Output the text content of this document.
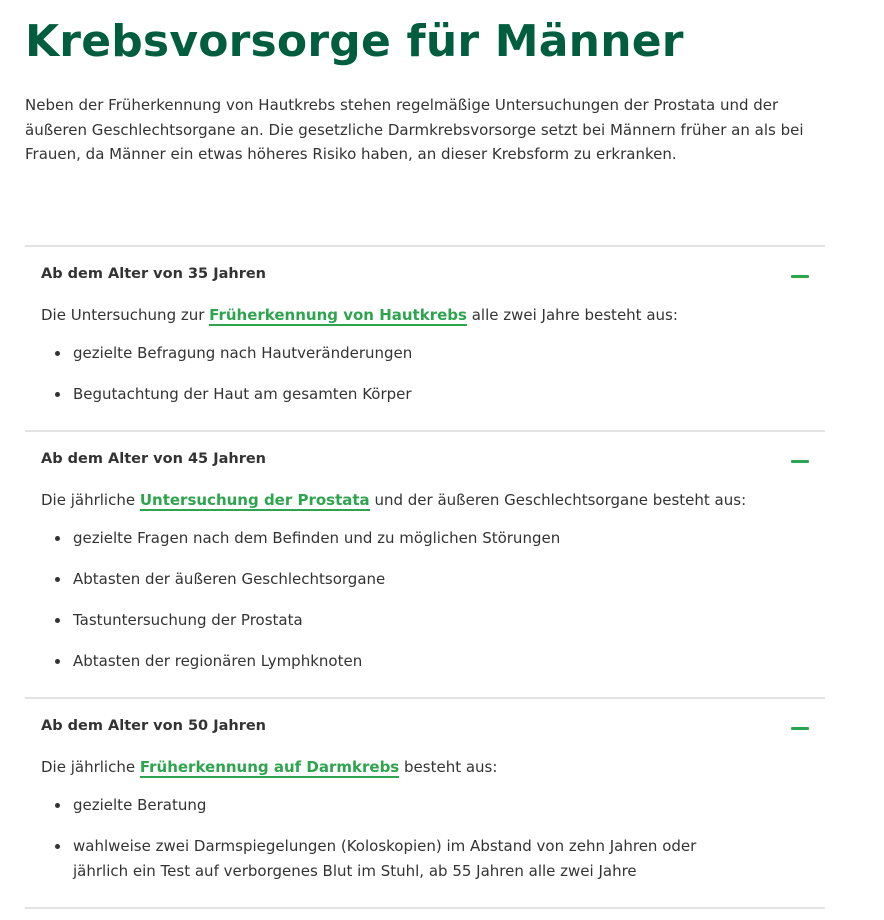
Krebsvorsorge für Männer

Neben der Früherkennung von Hautkrebs stehen regelmäßige Untersuchungen der Prostata und der äußeren Geschlechtsorgane an. Die gesetzliche Darmkrebsvorsorge setzt bei Männern früher an als bei Frauen, da Männer ein etwas höheres Risiko haben, an dieser Krebsform zu erkranken.

Ab dem Alter von 35 Jahren

Die Untersuchung zur Früherkennung von Hautkrebs alle zwei Jahre besteht aus:

gezielte Befragung nach Hautveränderungen
Begutachtung der Haut am gesamten Körper
Ab dem Alter von 45 Jahren

Die jährliche Untersuchung der Prostata und der äußeren Geschlechtsorgane besteht aus:

gezielte Fragen nach dem Befinden und zu möglichen Störungen
Abtasten der äußeren Geschlechtsorgane
Tastuntersuchung der Prostata
Abtasten der regionären Lymphknoten
Ab dem Alter von 50 Jahren

Die jährliche Früherkennung auf Darmkrebs besteht aus:

gezielte Beratung
wahlweise zwei Darmspiegelungen (Koloskopien) im Abstand von zehn Jahren oder jährlich ein Test auf verborgenes Blut im Stuhl, ab 55 Jahren alle zwei Jahre
